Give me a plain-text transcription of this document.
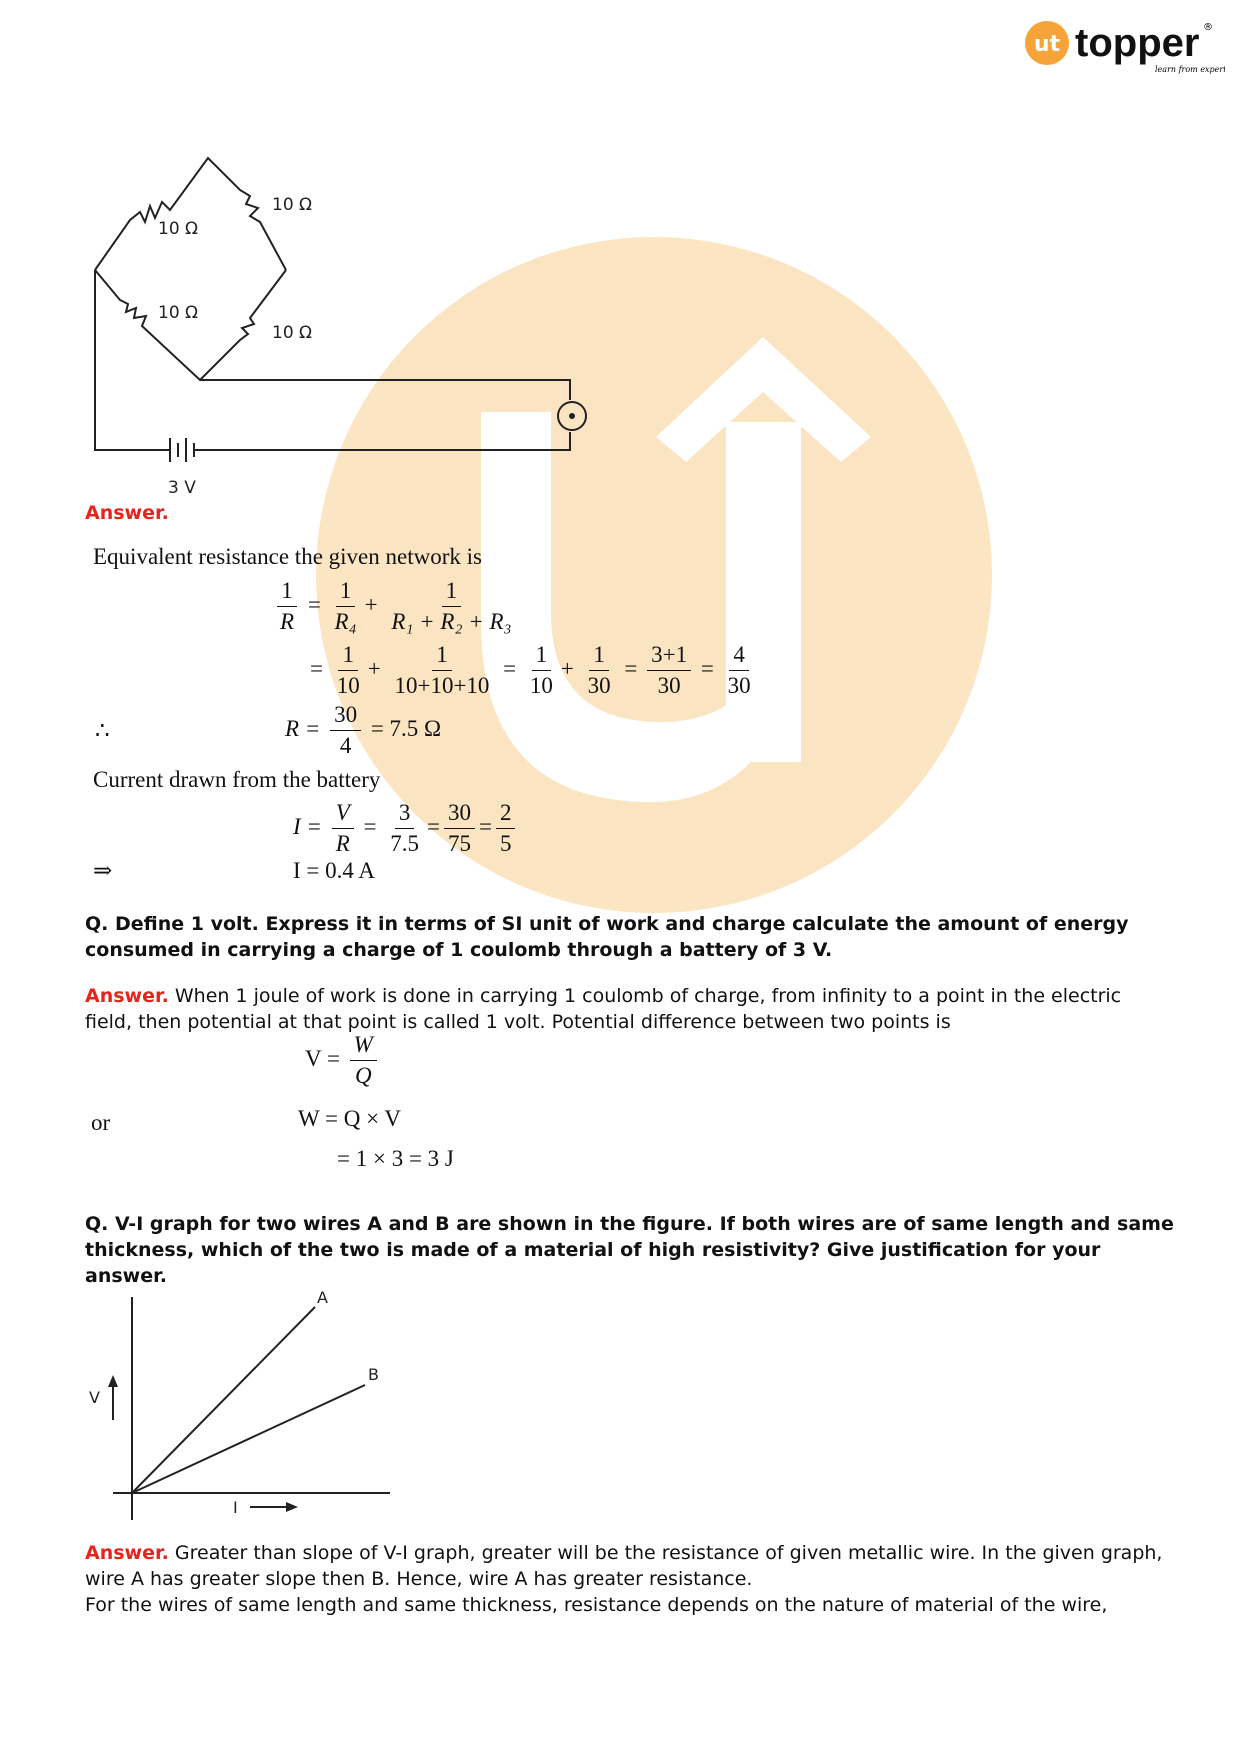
ut topper ®
learn from experts
10 Ω
10 Ω
10 Ω
10 Ω
3 V
Answer.
Equivalent resistance the given network is
$\frac{1}{R} = \frac{1}{\text{R₄}} + \frac{1}{\text{R₁ + R₂ + R₃}}$
= $\frac{1}{10} + \frac{1}{10+10+10} = \frac{1}{10} + \frac{1}{30} = \frac{3+1}{30} = \frac{4}{30}$
∴	$R = \frac{30}{4} = 7.5$ Ω
Current drawn from the battery
$I = \frac{V}{R} = \frac{3}{7.5} = \frac{30}{75} = \frac{2}{5}$
⇒	I = 0.4 A
Q. Define 1 volt. Express it in terms of SI unit of work and charge calculate the amount of energy consumed in carrying a charge of 1 coulomb through a battery of 3 V.
Answer. When 1 joule of work is done in carrying 1 coulomb of charge, from infinity to a point in the electric field, then potential at that point is called 1 volt. Potential difference between two points is
$V = \frac{W}{Q}$
or	W = Q × V
= 1 × 3 = 3 J
Q. V-I graph for two wires A and B are shown in the figure. If both wires are of same length and same thickness, which of the two is made of a material of high resistivity? Give justification for your answer.
A
B
V
I
Answer. Greater than slope of V-I graph, greater will be the resistance of given metallic wire. In the given graph, wire A has greater slope then B. Hence, wire A has greater resistance.
For the wires of same length and same thickness, resistance depends on the nature of material of the wire,
